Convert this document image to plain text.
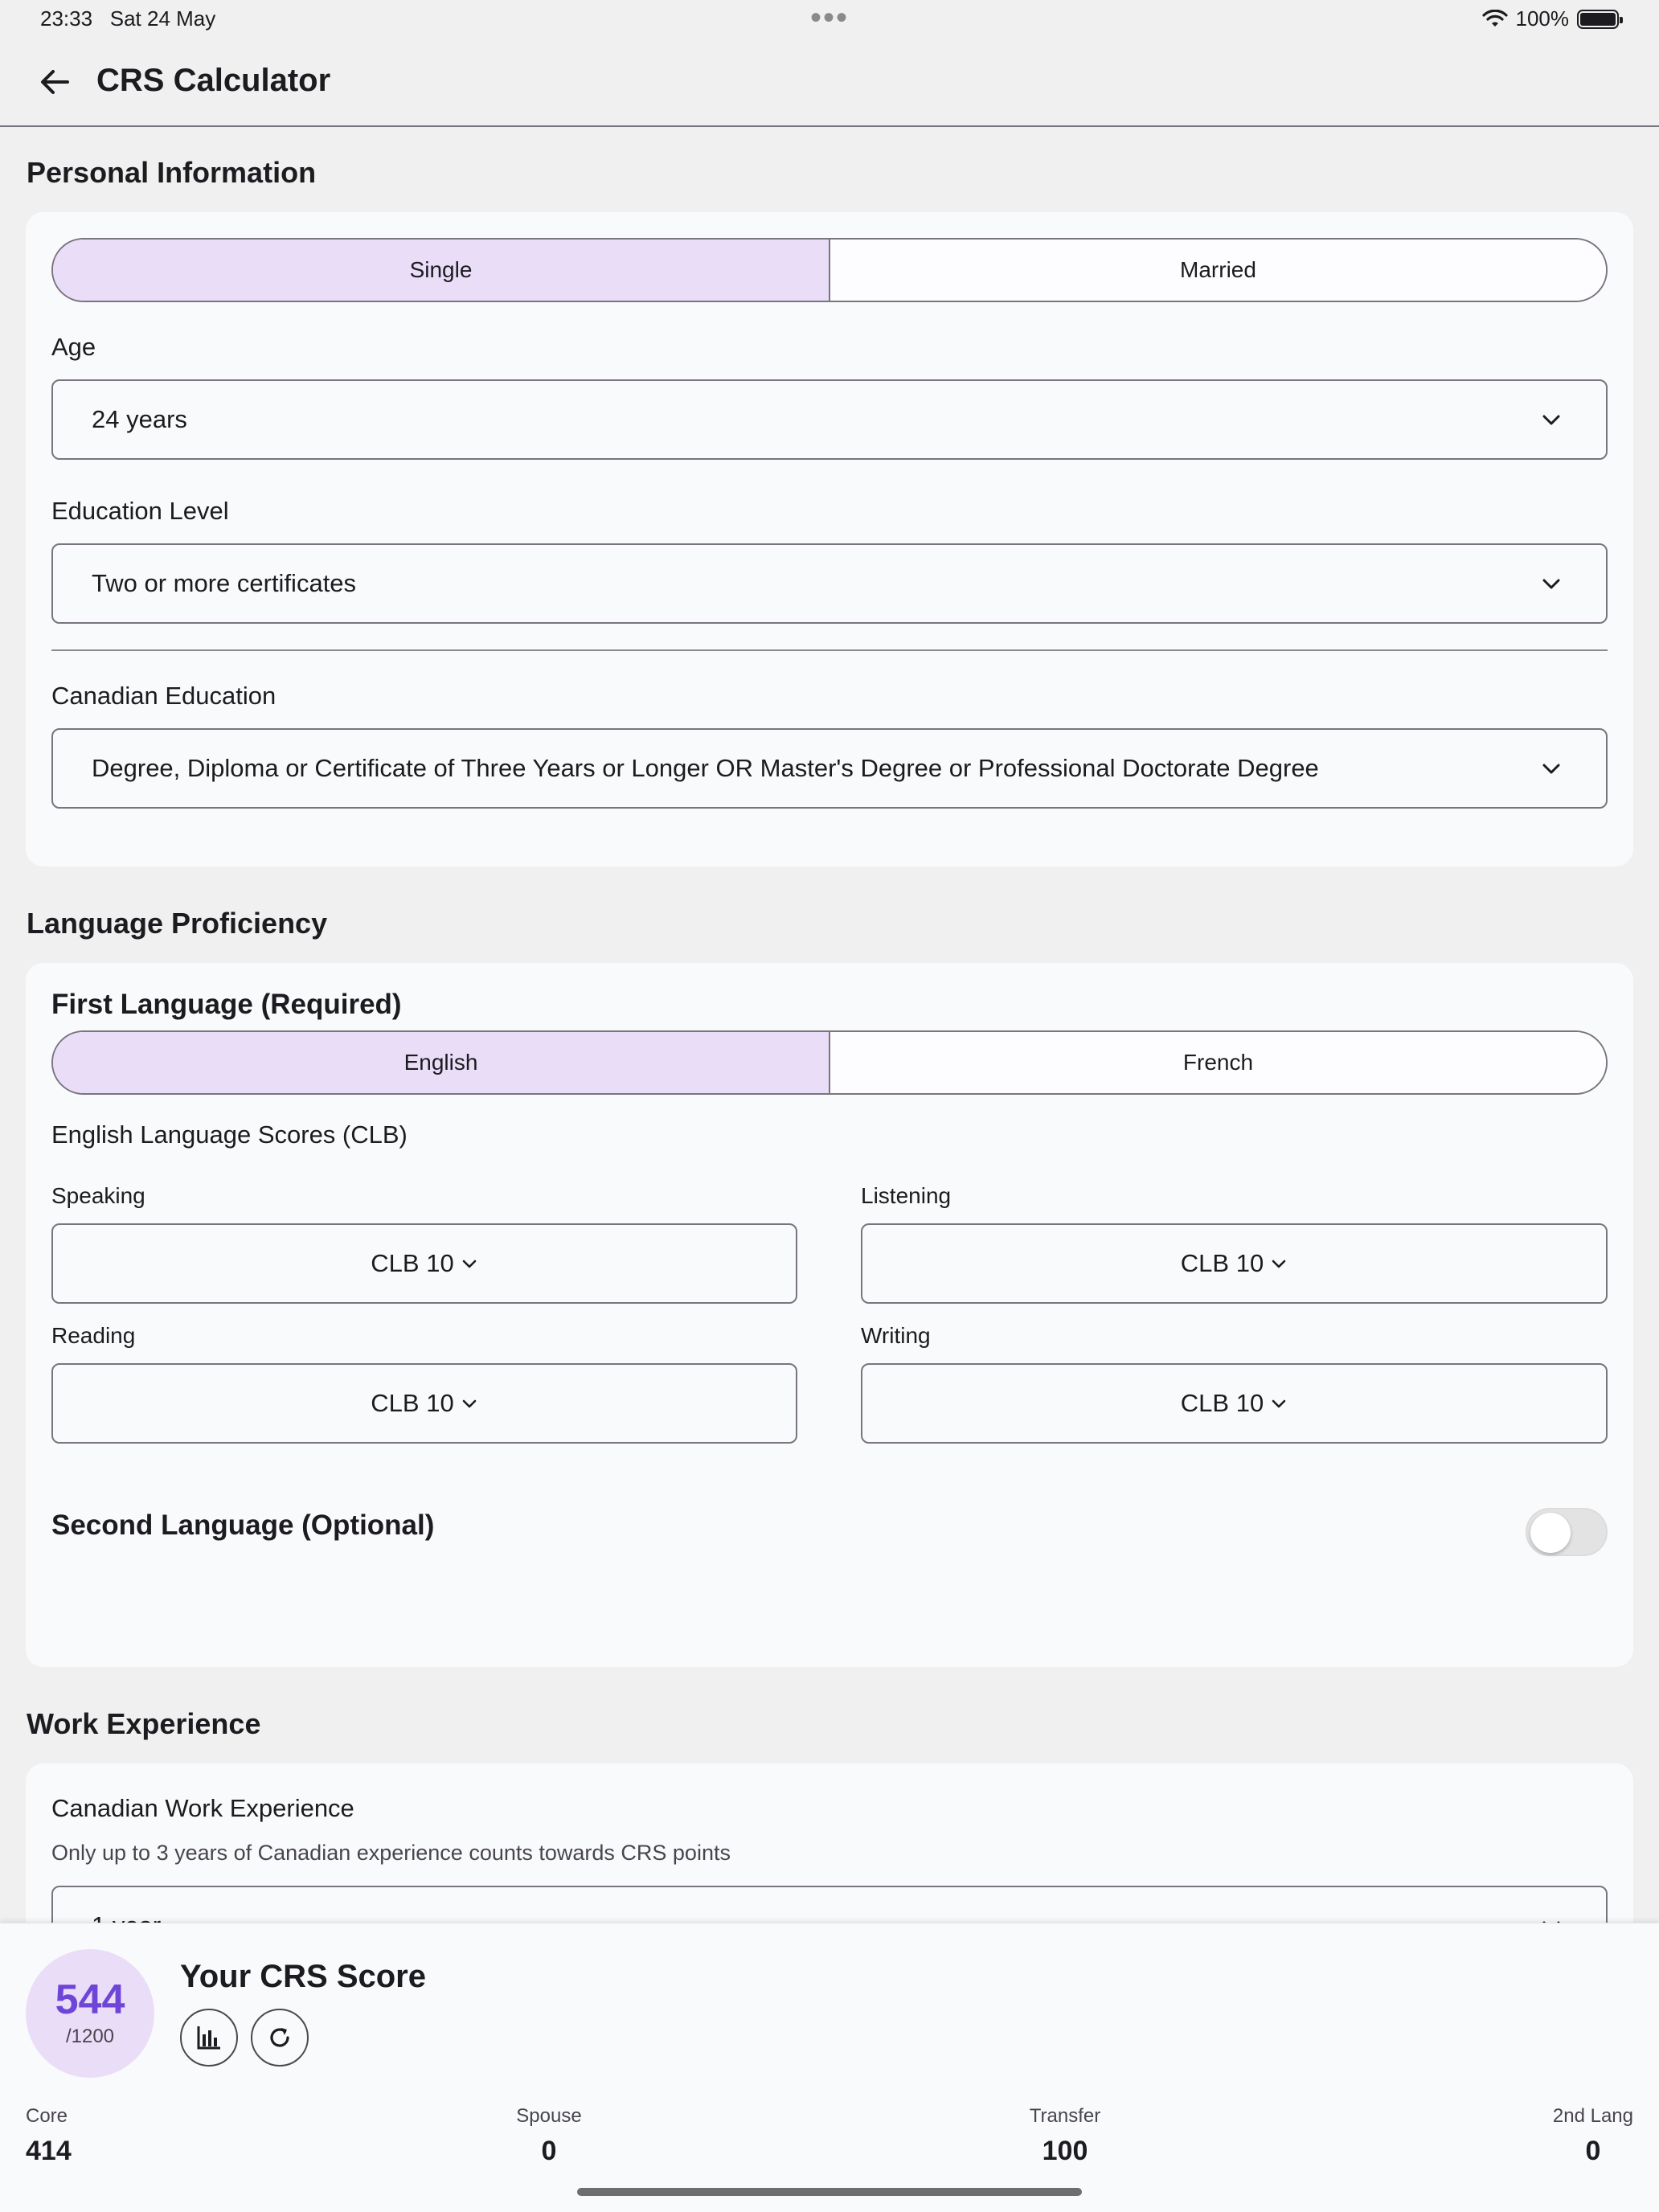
23:33 Sat 24 May	•••	100%
CRS Calculator
Personal Information
Single	Married
Age
24 years
Education Level
Two or more certificates
Canadian Education
Degree, Diploma or Certificate of Three Years or Longer OR Master's Degree or Professional Doctorate Degree
Language Proficiency
First Language (Required)
English	French
English Language Scores (CLB)
Speaking
CLB 10
Listening
CLB 10
Reading
CLB 10
Writing
CLB 10
Second Language (Optional)
Work Experience
Canadian Work Experience
Only up to 3 years of Canadian experience counts towards CRS points
544
/1200
Your CRS Score
Core
414
Spouse
0
Transfer
100
2nd Lang
0
